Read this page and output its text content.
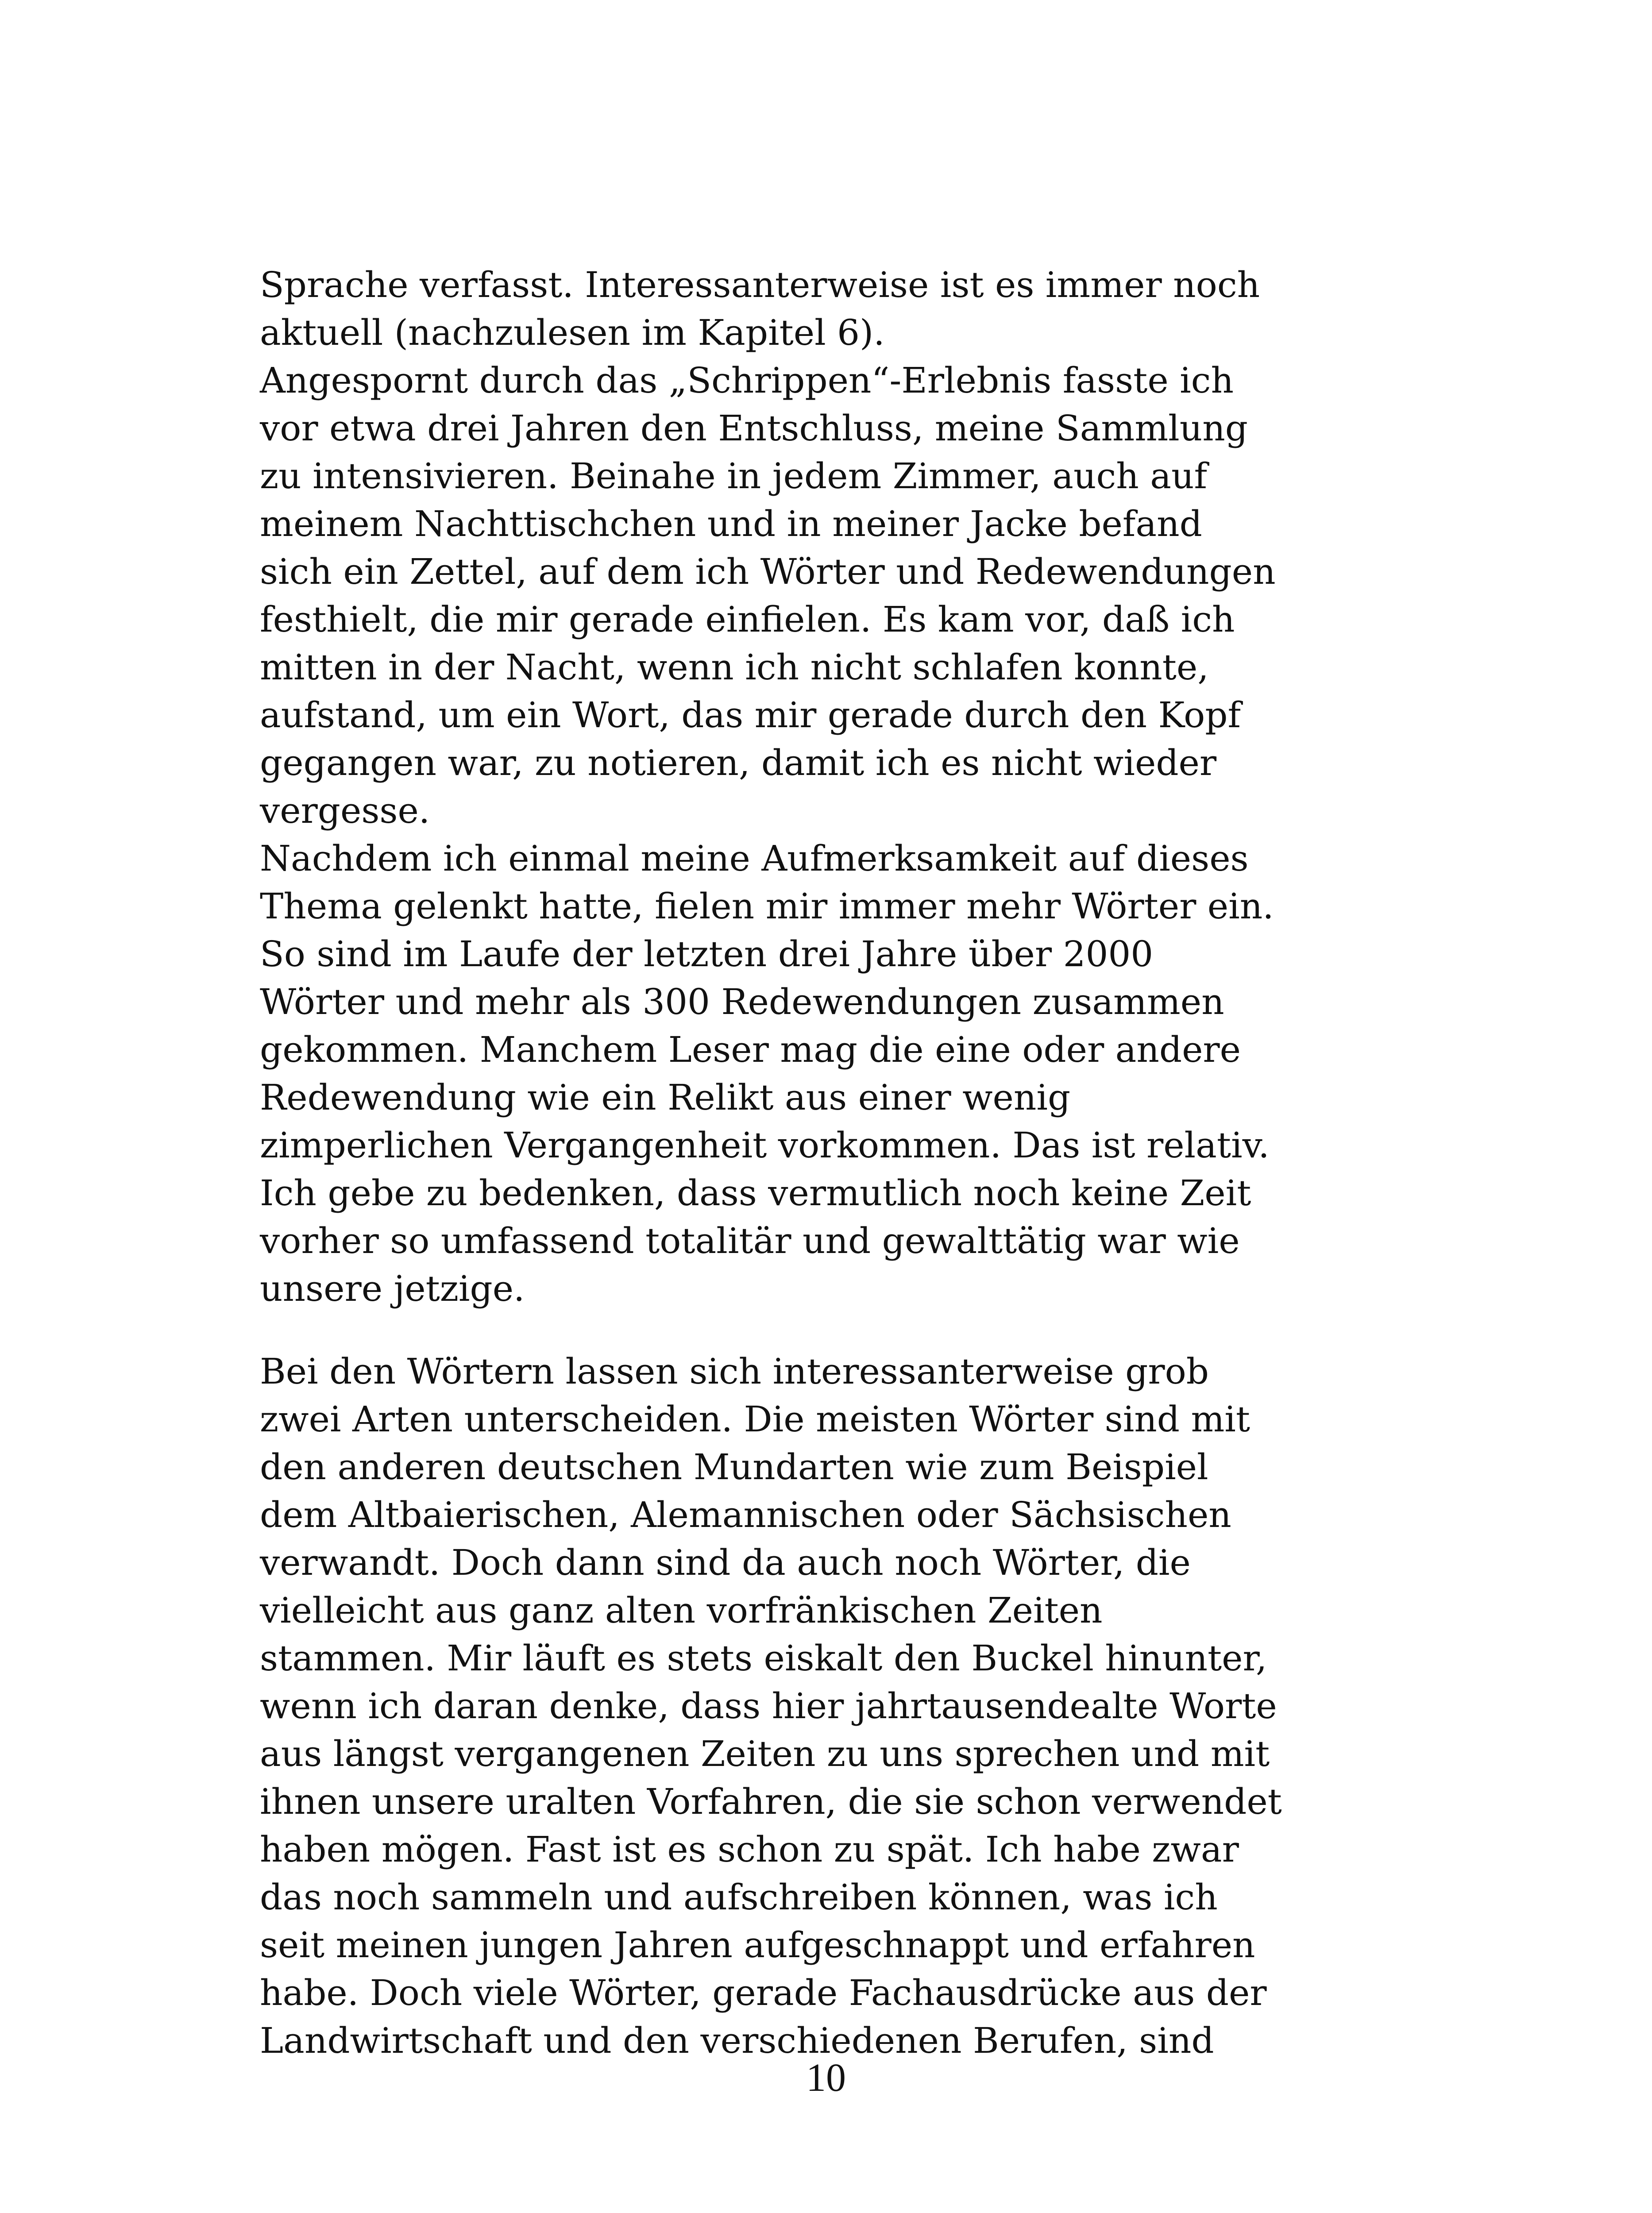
Sprache verfasst. Interessanterweise ist es immer noch
aktuell (nachzulesen im Kapitel 6).
Angespornt durch das „Schrippen“-Erlebnis fasste ich
vor etwa drei Jahren den Entschluss, meine Sammlung
zu intensivieren. Beinahe in jedem Zimmer, auch auf
meinem Nachttischchen und in meiner Jacke befand
sich ein Zettel, auf dem ich Wörter und Redewendungen
festhielt, die mir gerade einfielen. Es kam vor, daß ich
mitten in der Nacht, wenn ich nicht schlafen konnte,
aufstand, um ein Wort, das mir gerade durch den Kopf
gegangen war, zu notieren, damit ich es nicht wieder
vergesse.
Nachdem ich einmal meine Aufmerksamkeit auf dieses
Thema gelenkt hatte, fielen mir immer mehr Wörter ein.
So sind im Laufe der letzten drei Jahre über 2000
Wörter und mehr als 300 Redewendungen zusammen
gekommen. Manchem Leser mag die eine oder andere
Redewendung wie ein Relikt aus einer wenig
zimperlichen Vergangenheit vorkommen. Das ist relativ.
Ich gebe zu bedenken, dass vermutlich noch keine Zeit
vorher so umfassend totalitär und gewalttätig war wie
unsere jetzige.
Bei den Wörtern lassen sich interessanterweise grob
zwei Arten unterscheiden. Die meisten Wörter sind mit
den anderen deutschen Mundarten wie zum Beispiel
dem Altbaierischen, Alemannischen oder Sächsischen
verwandt. Doch dann sind da auch noch Wörter, die
vielleicht aus ganz alten vorfränkischen Zeiten
stammen. Mir läuft es stets eiskalt den Buckel hinunter,
wenn ich daran denke, dass hier jahrtausendealte Worte
aus längst vergangenen Zeiten zu uns sprechen und mit
ihnen unsere uralten Vorfahren, die sie schon verwendet
haben mögen. Fast ist es schon zu spät. Ich habe zwar
das noch sammeln und aufschreiben können, was ich
seit meinen jungen Jahren aufgeschnappt und erfahren
habe. Doch viele Wörter, gerade Fachausdrücke aus der
Landwirtschaft und den verschiedenen Berufen, sind
10
